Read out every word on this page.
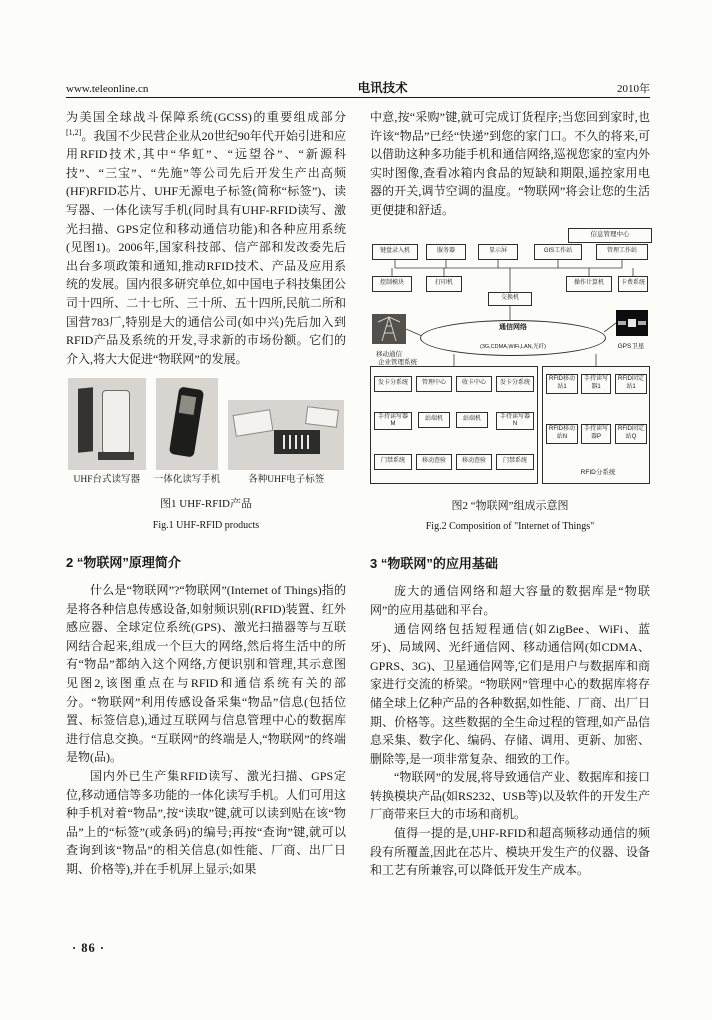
www.teleonline.cn	电讯技术	2010年

为美国全球战斗保障系统(GCSS)的重要组成部分[1,2]。我国不少民营企业从20世纪90年代开始引进和应用RFID技术,其中“华虹”、“远望谷”、“新源科技”、“三宝”、“先施”等公司先后开发生产出高频(HF)RFID芯片、UHF无源电子标签(简称“标签”)、读写器、一体化读写手机(同时具有UHF-RFID读写、激光扫描、GPS定位和移动通信功能)和各种应用系统(见图1)。2006年,国家科技部、信产部和发改委先后出台多项政策和通知,推动RFID技术、产品及应用系统的发展。国内很多研究单位,如中国电子科技集团公司十四所、二十七所、三十所、五十四所,民航二所和国营783厂,特别是大的通信公司(如中兴)先后加入到RFID产品及系统的开发,寻求新的市场份额。它们的介入,将大大促进“物联网”的发展。

UHF台式读写器 一体化读写手机	各种UHF电子标签
图1 UHF-RFID产品
Fig.1 UHF-RFID products
2 “物联网”原理简介

什么是“物联网”?“物联网”(Internet of Things)指的是将各种信息传感设备,如射频识别(RFID)装置、红外感应器、全球定位系统(GPS)、激光扫描器等与互联网结合起来,组成一个巨大的网络,然后将生活中的所有“物品”都纳入这个网络,方便识别和管理,其示意图见图2,该图重点在与RFID和通信系统有关的部分。“物联网”利用传感设备采集“物品”信息(包括位置、标签信息),通过互联网与信息管理中心的数据库进行信息交换。“互联网”的终端是人,“物联网”的终端是物(品)。

国内外已生产集RFID读写、激光扫描、GPS定位,移动通信等多功能的一体化读写手机。人们可用这种手机对着“物品”,按“读取”键,就可以读到贴在该“物品”上的“标签”(或条码)的编号;再按“查询”键,就可以查询到该“物品”的相关信息(如性能、厂商、出厂日期、价格等),并在手机屏上显示;如果

中意,按“采购”键,就可完成订货程序;当您回到家时,也许该“物品”已经“快递”到您的家门口。不久的将来,可以借助这种多功能手机和通信网络,巡视您家的室内外实时图像,查看冰箱内食品的短缺和期限,遥控家用电器的开关,调节空调的温度。“物联网”将会让您的生活更便捷和舒适。

信息管理中心
键盘录入机	服务器	显示屏	GIS工作站	管理工作站
控制模块	打印机	操作计算机	卡费系统
交换机
通信网络
(3G,CDMA,WiFi,LAN,光纤)
移动通信
GPS卫星
企业管理系统
发卡分系统	管理中心	收卡中心	发卡分系统
手持读写器M
站端机	站端机	手持读写器N
门禁系统	移动查验	移动查验	门禁系统
RFID移动站1
手持读写器1
RFID固定站1
RFID移动站N
手持读写器P
RFID固定站Q
RFID分系统
图2 “物联网”组成示意图
Fig.2 Composition of "Internet of Things"
3 “物联网”的应用基础

庞大的通信网络和超大容量的数据库是“物联网”的应用基础和平台。

通信网络包括短程通信(如ZigBee、WiFi、蓝牙)、局域网、光纤通信网、移动通信网(如CDMA、GPRS、3G)、卫星通信网等,它们是用户与数据库和商家进行交流的桥梁。“物联网”管理中心的数据库将存储全球上亿种产品的各种数据,如性能、厂商、出厂日期、价格等。这些数据的全生命过程的管理,如产品信息采集、数字化、编码、存储、调用、更新、加密、删除等,是一项非常复杂、细致的工作。

“物联网”的发展,将导致通信产业、数据库和接口转换模块产品(如RS232、USB等)以及软件的开发生产厂商带来巨大的市场和商机。

值得一提的是,UHF-RFID和超高频移动通信的频段有所覆盖,因此在芯片、模块开发生产的仪器、设备和工艺有所兼容,可以降低开发生产成本。

· 86 ·
